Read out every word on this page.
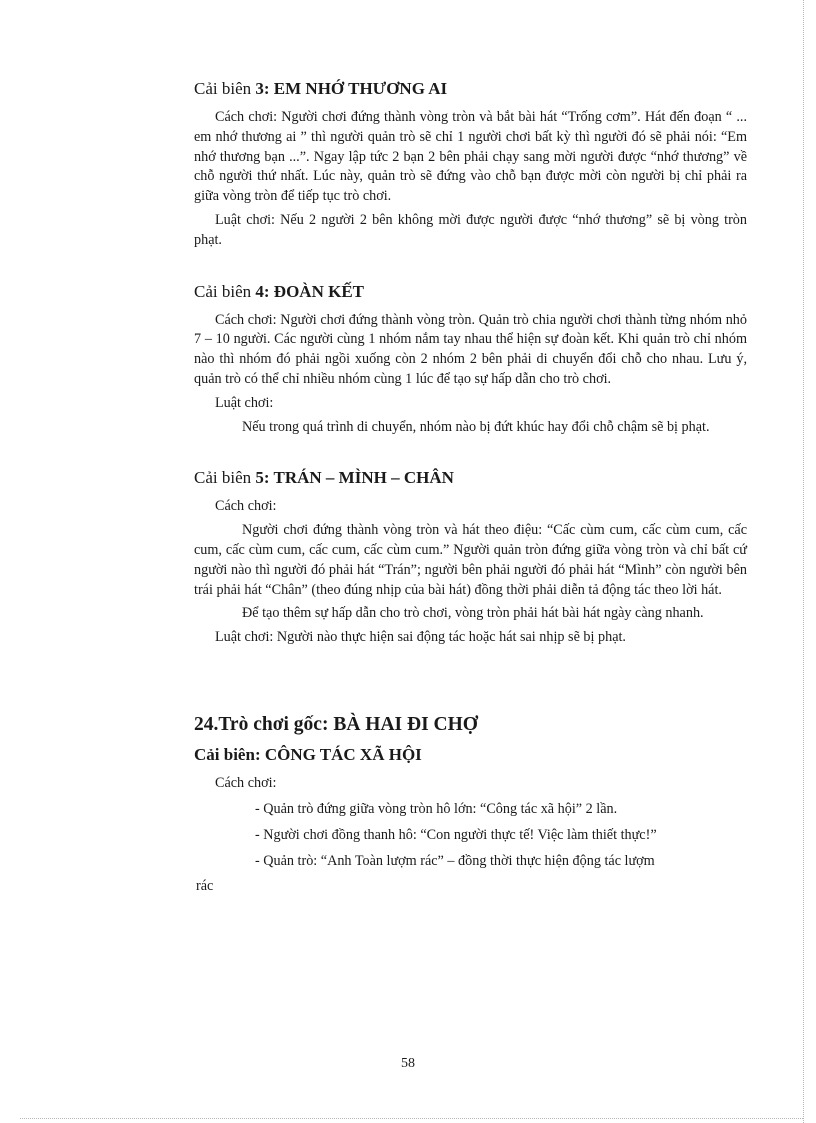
Cải biên 3: EM NHỚ THƯƠNG AI

Cách chơi: Người chơi đứng thành vòng tròn và bắt bài hát “Trống cơm”. Hát đến đoạn “ ... em nhớ thương ai ” thì người quản trò sẽ chỉ 1 người chơi bất kỳ thì người đó sẽ phải nói: “Em nhớ thương bạn ...”. Ngay lập tức 2 bạn 2 bên phải chạy sang mời người được “nhớ thương” về chỗ người thứ nhất. Lúc này, quản trò sẽ đứng vào chỗ bạn được mời còn người bị chỉ phải ra giữa vòng tròn để tiếp tục trò chơi.

Luật chơi: Nếu 2 người 2 bên không mời được người được “nhớ thương” sẽ bị vòng tròn phạt.

Cải biên 4: ĐOÀN KẾT

Cách chơi: Người chơi đứng thành vòng tròn. Quản trò chia người chơi thành từng nhóm nhỏ 7 – 10 người. Các người cùng 1 nhóm nắm tay nhau thể hiện sự đoàn kết. Khi quản trò chỉ nhóm nào thì nhóm đó phải ngồi xuống còn 2 nhóm 2 bên phải di chuyển đổi chỗ cho nhau. Lưu ý, quản trò có thể chỉ nhiều nhóm cùng 1 lúc để tạo sự hấp dẫn cho trò chơi.

Luật chơi:

Nếu trong quá trình di chuyển, nhóm nào bị đứt khúc hay đổi chỗ chậm sẽ bị phạt.

Cải biên 5: TRÁN – MÌNH – CHÂN

Cách chơi:

Người chơi đứng thành vòng tròn và hát theo điệu: “Cấc cùm cum, cấc cùm cum, cấc cum, cấc cùm cum, cấc cum, cấc cùm cum.” Người quản tròn đứng giữa vòng tròn và chỉ bất cứ người nào thì người đó phải hát “Trán”; người bên phải người đó phải hát “Mình” còn người bên trái phải hát “Chân” (theo đúng nhịp của bài hát) đồng thời phải diễn tả động tác theo lời hát.

Để tạo thêm sự hấp dẫn cho trò chơi, vòng tròn phải hát bài hát ngày càng nhanh.

Luật chơi: Người nào thực hiện sai động tác hoặc hát sai nhịp sẽ bị phạt.

24.Trò chơi gốc: BÀ HAI ĐI CHỢ
Cải biên: CÔNG TÁC XÃ HỘI

Cách chơi:

- Quản trò đứng giữa vòng tròn hô lớn: “Công tác xã hội” 2 lần.

- Người chơi đồng thanh hô: “Con người thực tế! Việc làm thiết thực!”

- Quản trò: “Anh Toàn lượm rác” – đồng thời thực hiện động tác lượm

rác

58
